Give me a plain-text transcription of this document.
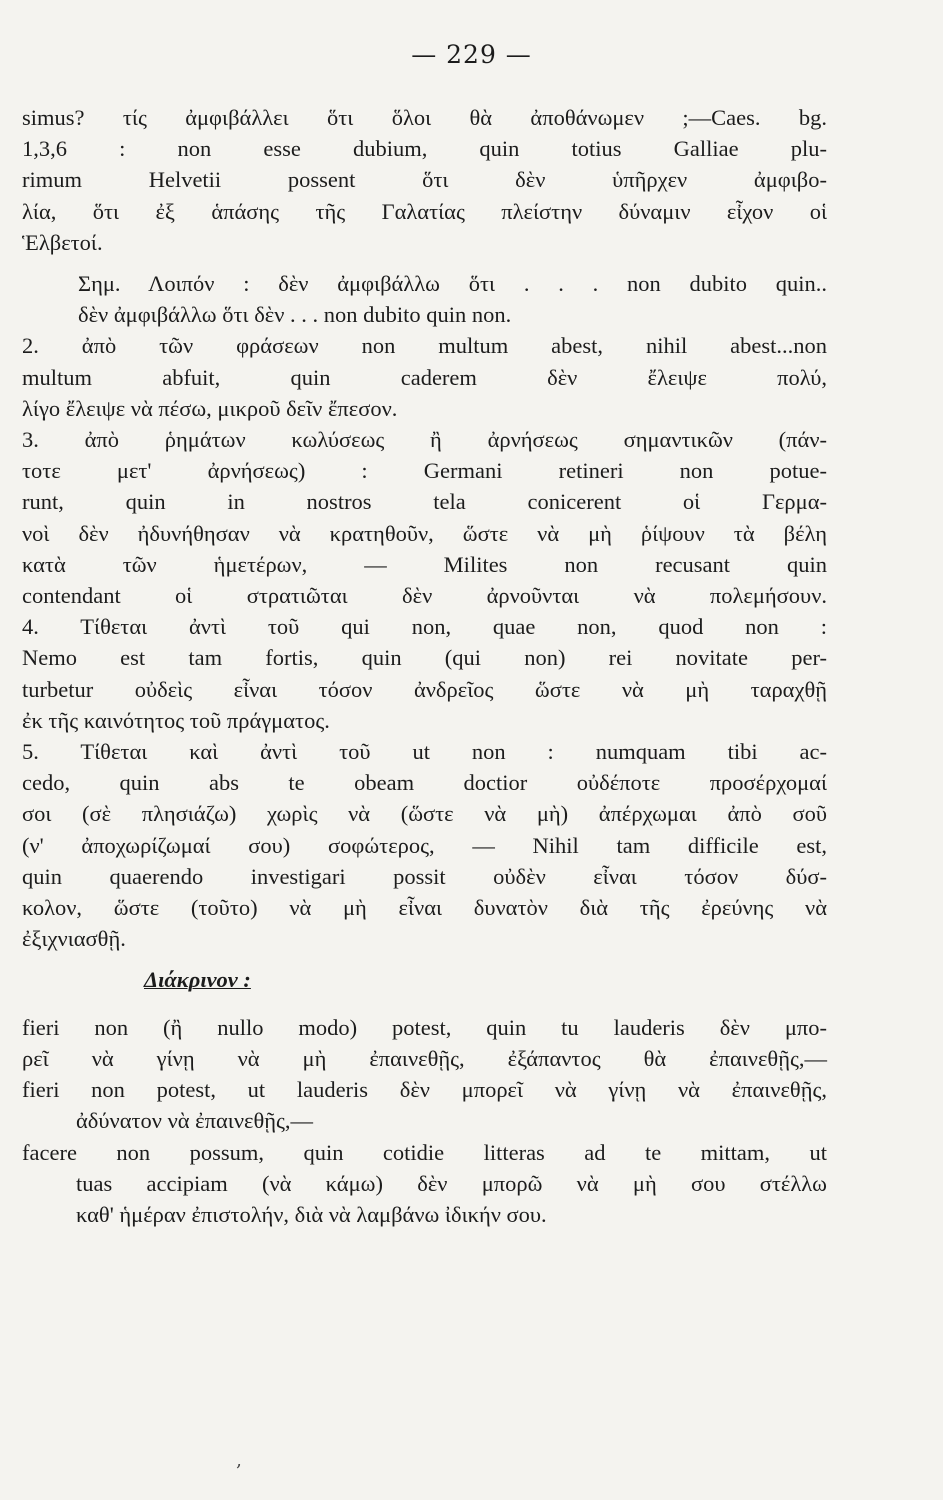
— 229 —
simus? τίς ἀμφιβάλλει ὅτι ὅλοι θὰ ἀποθάνωμεν ;—Caes. bg.
1,3,6 : non esse dubium, quin totius Galliae plu-
rimum Helvetii possent ὅτι δὲν ὑπῆρχεν ἀμφιβο-
λία, ὅτι ἐξ ἁπάσης τῆς Γαλατίας πλείστην δύναμιν εἶχον οἱ
Ἑλβετοί.
Σημ. Λοιπόν : δὲν ἀμφιβάλλω ὅτι . . . non dubito quin..
δὲν ἀμφιβάλλω ὅτι δὲν . . . non dubito quin non.
2. ἀπὸ τῶν φράσεων non multum abest, nihil abest...non
multum abfuit, quin caderem δὲν ἔλειψε πολύ,
λίγο ἔλειψε νὰ πέσω, μικροῦ δεῖν ἔπεσον.
3. ἀπὸ ῥημάτων κωλύσεως ἢ ἀρνήσεως σημαντικῶν (πάν-
τοτε μετ' ἀρνήσεως) : Germani retineri non potue-
runt, quin in nostros tela conicerent οἱ Γερμα-
νοὶ δὲν ἠδυνήθησαν νὰ κρατηθοῦν, ὥστε νὰ μὴ ῥίψουν τὰ βέλη
κατὰ τῶν ἡμετέρων, — Milites non recusant quin
contendant οἱ στρατιῶται δὲν ἀρνοῦνται νὰ πολεμήσουν.
4. Τίθεται ἀντὶ τοῦ qui non, quae non, quod non :
Nemo est tam fortis, quin (qui non) rei novitate per-
turbetur οὐδεὶς εἶναι τόσον ἀνδρεῖος ὥστε νὰ μὴ ταραχθῇ
ἐκ τῆς καινότητος τοῦ πράγματος.
5. Τίθεται καὶ ἀντὶ τοῦ ut non : numquam tibi ac-
cedo, quin abs te obeam doctior οὐδέποτε προσέρχομαί
σοι (σὲ πλησιάζω) χωρὶς νὰ (ὥστε νὰ μὴ) ἀπέρχωμαι ἀπὸ σοῦ
(ν' ἀποχωρίζωμαί σου) σοφώτερος, — Nihil tam difficile est,
quin quaerendo investigari possit οὐδὲν εἶναι τόσον δύσ-
κολον, ὥστε (τοῦτο) νὰ μὴ εἶναι δυνατὸν διὰ τῆς ἐρεύνης νὰ
ἐξιχνιασθῇ.
Διάκρινον :
fieri non (ἢ nullo modo) potest, quin tu lauderis δὲν μπο-
ρεῖ νὰ γίνῃ νὰ μὴ ἐπαινεθῇς, ἐξάπαντος θὰ ἐπαινεθῇς,—
fieri non potest, ut lauderis δὲν μπορεῖ νὰ γίνῃ νὰ ἐπαινεθῇς,
ἀδύνατον νὰ ἐπαινεθῇς,—
facere non possum, quin cotidie litteras ad te mittam, ut
tuas accipiam (νὰ κάμω) δὲν μπορῶ νὰ μὴ σου στέλλω
καθ' ἡμέραν ἐπιστολήν, διὰ νὰ λαμβάνω ἰδικήν σου.
‚
